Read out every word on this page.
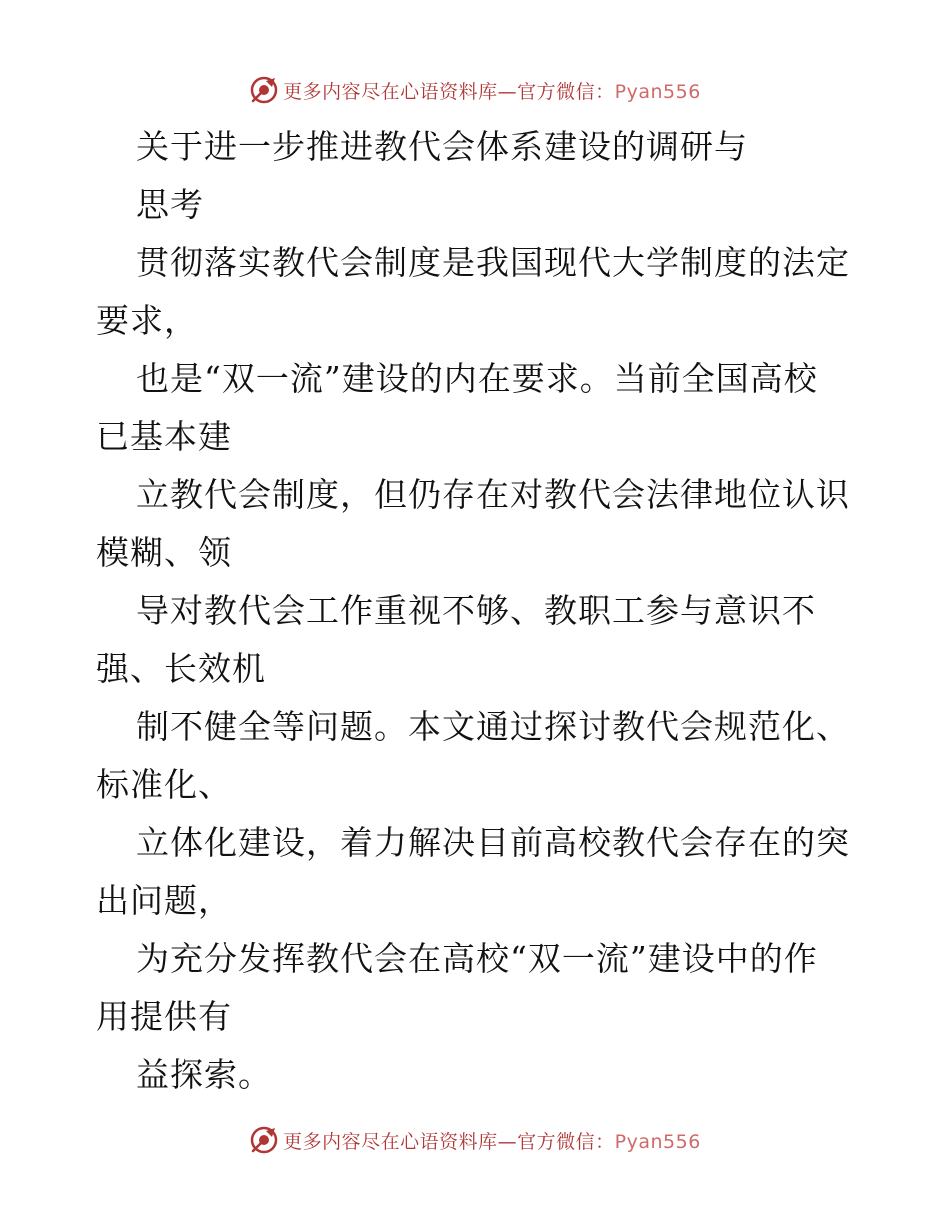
更多内容尽在心语资料库—官方微信：Pyan556
关于进一步推进教代会体系建设的调研与
思考
贯彻落实教代会制度是我国现代大学制度的法定
要求，
也是“双一流”建设的内在要求。当前全国高校
已基本建
立教代会制度，但仍存在对教代会法律地位认识
模糊、领
导对教代会工作重视不够、教职工参与意识不
强、长效机
制不健全等问题。本文通过探讨教代会规范化、
标准化、
立体化建设，着力解决目前高校教代会存在的突
出问题，
为充分发挥教代会在高校“双一流”建设中的作
用提供有
益探索。
更多内容尽在心语资料库—官方微信：Pyan556
